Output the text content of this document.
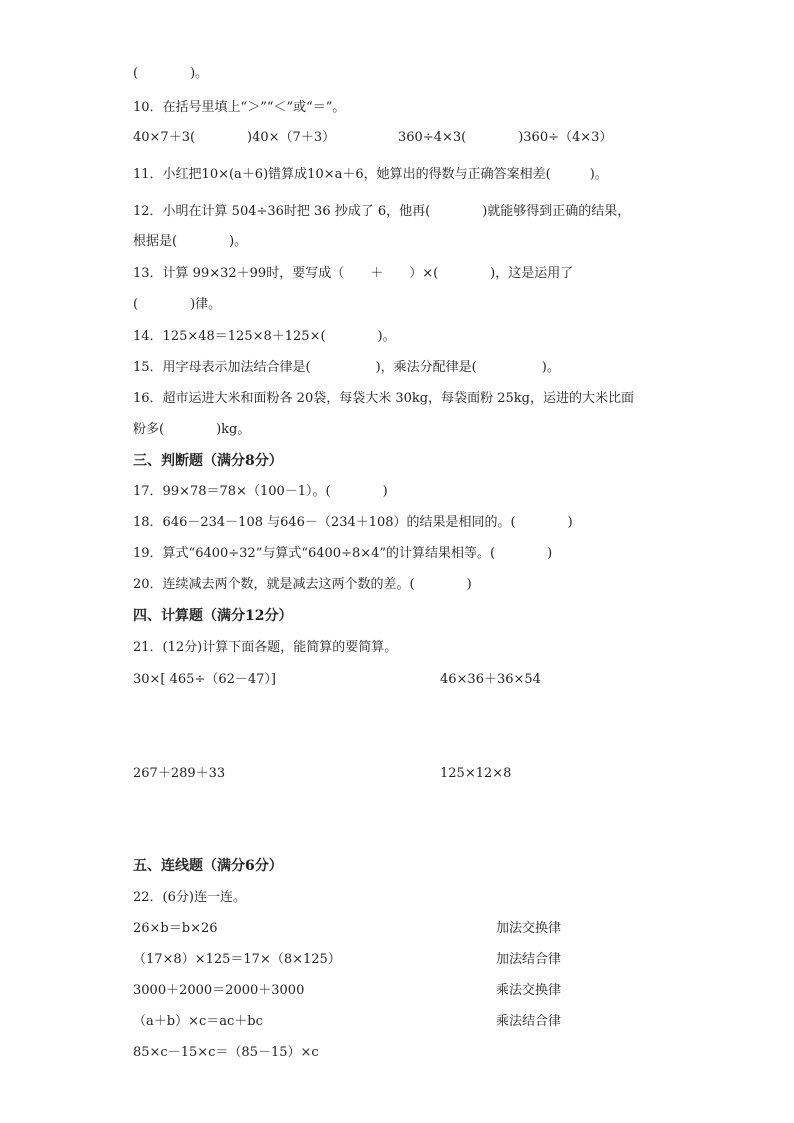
(　　　　)。
10．在括号里填上“＞”“＜”或“＝”。
40×7＋3(　　　　)40×（7＋3）	360÷4×3(　　　　)360÷（4×3）
11．小红把10×(a＋6)错算成10×a＋6，她算出的得数与正确答案相差(　　　)。
12．小明在计算 504÷36时把 36 抄成了 6，他再(　　　　)就能够得到正确的结果，
根据是(　　　　)。
13．计算 99×32＋99时，要写成（　　＋　　）×(　　　　)，这是运用了
(　　　　)律。
14．125×48＝125×8＋125×(　　　　)。
15．用字母表示加法结合律是(　　　　　)，乘法分配律是(　　　　　)。
16．超市运进大米和面粉各 20袋，每袋大米 30kg，每袋面粉 25kg，运进的大米比面
粉多(　　　　)kg。
三、判断题（满分8分）
17．99×78＝78×（100－1）。(　　　　)
18．646－234－108 与646－（234＋108）的结果是相同的。(　　　　)
19．算式“6400÷32”与算式“6400÷8×4”的计算结果相等。(　　　　)
20．连续减去两个数，就是减去这两个数的差。(　　　　)
四、计算题（满分12分）
21．(12分)计算下面各题，能简算的要简算。
30×[ 465÷（62－47）]	46×36＋36×54
267＋289＋33	125×12×8
五、连线题（满分6分）
22．(6分)连一连。
26×b＝b×26
（17×8）×125＝17×（8×125）
3000＋2000＝2000＋3000
（a＋b）×c＝ac＋bc
85×c－15×c＝（85－15）×c
加法交换律
加法结合律
乘法交换律
乘法结合律
